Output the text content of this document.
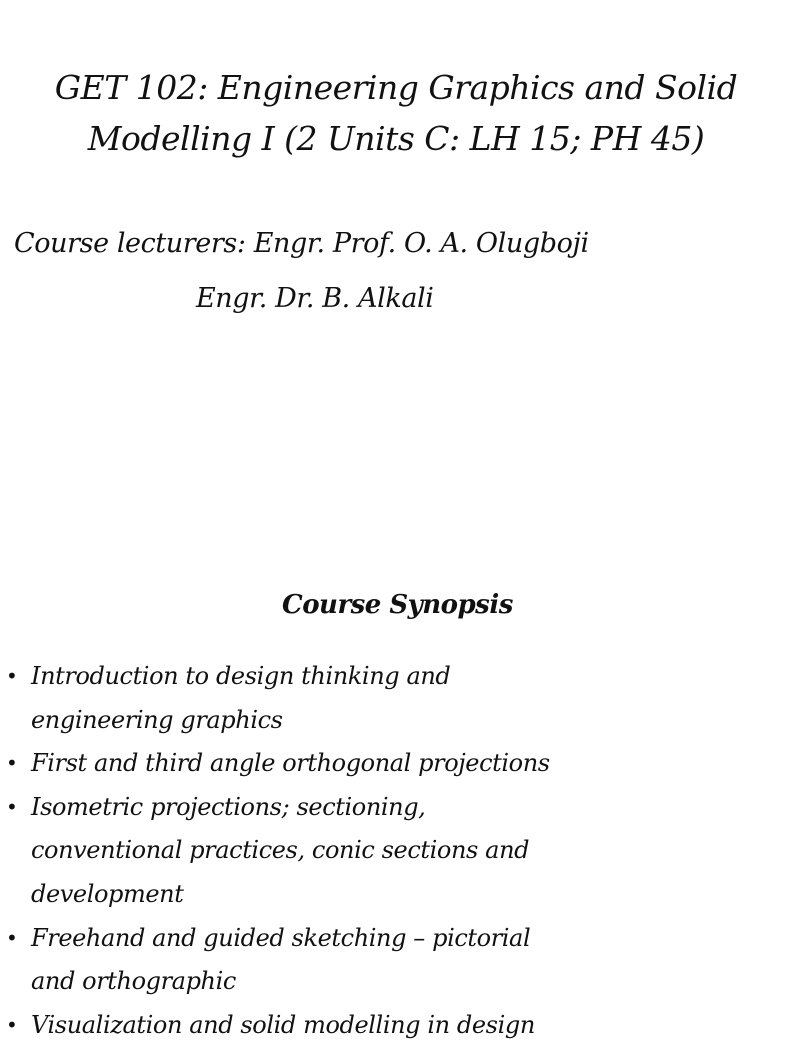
GET 102: Engineering Graphics and Solid
Modelling I (2 Units C: LH 15; PH 45)
Course lecturers: Engr. Prof. O. A. Olugboji
Engr. Dr. B. Alkali
Course Synopsis
• Introduction to design thinking and
engineering graphics
• First and third angle orthogonal projections
• Isometric projections; sectioning,
conventional practices, conic sections and
development
• Freehand and guided sketching – pictorial
and orthographic
• Visualization and solid modelling in design
